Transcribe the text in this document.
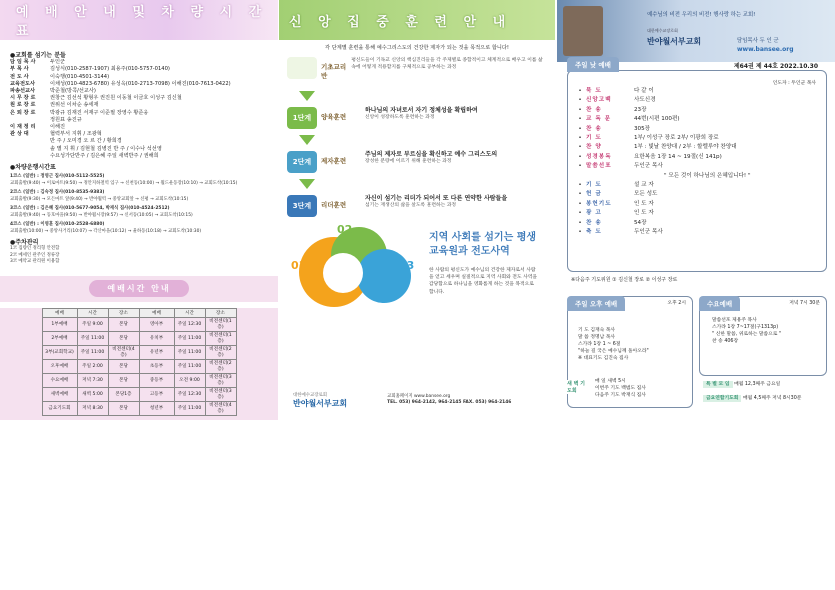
예 배 안 내 및 차 량 시 간 표
●교회를 섬기는 분들
담 임 목 사	두인군
부 목 사	김성식(010-2587-1907) 최용주(010-5757-0140)
전 도 사	이숙행(010-4501-3144)
교육전도사	이채성(010-4823-6780) 유성옥(010-2713-7098) 이해진(010-7613-0422)
파송선교사	박준철(방콕/선교사)
시 무 장 로	권창근 김선석 황형우 권진원 이동철 이금호 이성구 김신철
원 로 장 로	권위선 이차순 송세재
은 퇴 장 로	박광규 김재진 서재구 이준필 장영수 황준웅
정원표 송진규
이 재 정 리	이해진
관 상 대	협력부서 지휘 / 조광혁
반 주 / 오미경 오 르 간 / 황희경
솔 별 지 휘 / 김현철 김병진 반 주 / 이수나 석선영
수요성가단반주 / 김은혜 주일 새벽반주 / 권해희
●차량운행시간표
1코스 (일반) : 정영근 집사(010-5112-5525)
교회출발(9:40) → 이로마트(9:50) → 정안지하철역 입구 → 신천동(10:00) → 월드운동장(10:10) → 교회도착(10:15)
2코스 (일반) : 김숙정 집사(010-8535-9383)
교회출발(9:30) → 모든마트 앞(9:40) → 반야월역 → 중앙교회앞 → 신평 → 교회도착(10:15)
3코스 (일반) : 김은혜 집사(010-5677-9054, 박재식 집사(010-4524-2512)
교회출발(9:40) → 동호마을(9:50) → 반야월시장(9:57) → 신서동(10:05) → 교회도착(10:15)
4코스 (일반) : 이영훈 집사(010-2528-6880)
교회출발(10:00) → 중앙사거리(10:07) → 각산마을(10:12) → 율하동(10:18) → 교회도착(10:30)
●주차관리
1코 집량인 정리형 안전함
2코 메세인 관주인 정류장
3코 예약교 관리원 이용함
예배시간 안내
예배	시간	장소	예배	시간	장소
1부예배	주일 9:00	본당	영아부	주일 12:30	비전센터(1층)
2부예배	주일 11:00	본당	유치부	주일 11:00	비전센터(1층)
3부(교회학교)	주일 11:00	비전센터(4층)	유년부	주일 11:00	비전센터(2층)
오후예배	주일 2:00	본당	초등부	주일 11:00	비전센터(2층)
수요예배	저녁 7:30	본당	중등부	오전 9:00	비전센터(3층)
새벽예배	새벽 5:00	본당1층	고등부	주일 12:30	비전센터(3층)
금요기도회	저녁 8:30	본당	청년부	주일 11:00	비전센터(4층)
신 앙 집 중 훈 련 안 내
각 단계별 훈련을 통해 예수그리스도의 건강한 제자가 되는 것을 목적으로 합니다!
기초교리반
평신도들이 기독교 신앙의 핵심진리들을 각 주제별로 종합적이고 체계적으로 배우고 이를 삶 속에 어떻게 적용할지를 구체적으로 공부하는 과정
1단계	양육훈련
하나님의 자녀로서 자기 정체성을 확립하여
신앙이 성장하도록 훈련하는 과정
2단계	제자훈련
주님의 제자로 부르심을 확신하고 예수 그리스도의
장성한 분량에 이르기 위해 훈련하는 과정
3단계	리더훈련
자신이 섬기는 리더가 되어서 또 다른 연약한 사람들을
섬기는 재생산의 삶을 살도록 훈련하는 과정
01
02
03
지역 사회를 섬기는 평생교육원과 전도사역
한 사람의 평신도가 예수님의 건강한 제자로서 사람을 얻고 세우며 실질적으로 지역 사회와 전도 사역을 감당함으로 하나님을 영화롭게 하는 것을 목적으로 합니다.
대한예수교장로회
반야월서부교회
교회홈페이지 www.bansee.org
TEL. 053) 964-2142, 964-2145 FAX. 053) 964-2146
예수님의 비전 우리의 비전! 행사랑 하는 교회!
대한예수교장로회
반야월서부교회	담임목사 두 인 군
www.bansee.org
주일 낮 예배	제64권 제 44호 2022.10.30
인도자 : 두인군 목사
• 묵 도	다 같 이
• 신앙고백	사도신경
• 찬 송	23장
• 교 독 문	44번(시편 100편)
• 찬 송	305장
• 기 도	1부/ 이성구 장로 2부/ 이광희 장로
• 찬 양	1부 : 빛날 찬양대 / 2부 : 할렐루야 찬양대
• 성경봉독	요한복음 1장 14 ~ 19절(신 141p)
• 말씀선포	두인군 목사
" 모든 것이 하나님의 은혜입니다! "
• 기 도	설 교 자
• 헌 금	모든 성도
• 봉헌기도	인 도 자
• 광 고	인 도 자
• 찬 송	54장
• 축 도	두인군 목사
※다음주 기도위원 ① 김신철 장로 ② 이성구 장로
주일 오후 예배	오후 2시
기 도 김재숙 목사
말 씀 정명남 목사
스가랴 1장 1 ~ 6절
"하늘 길 국은 예수님께 돌아오라"
※ 대표기도 김진숙 집사
수요예배	저녁 7시 30분
말씀선포 제용주 목사
스가랴 1장 7~17절(구1313p)
" 신한 말씀, 위로하는 말씀으로 "
찬 송 406장
새 벽 기도회
매 일 새벽 5시
이번주 기도 백범도 집사
다음주 기도 박재식 집사
특 별 모 임 매월 12,3째주 금요일
금요연합기도회 매월 4,5째주 저녁 8시30분
